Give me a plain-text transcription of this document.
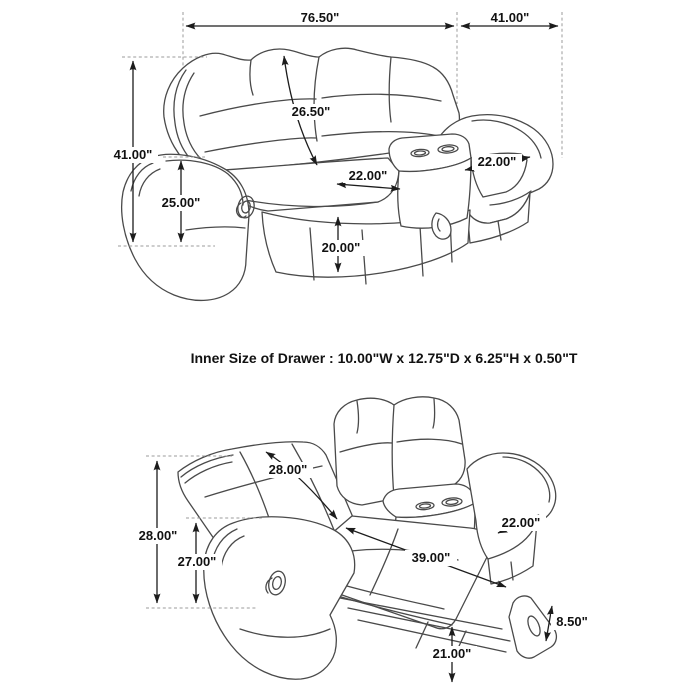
76.50"	41.00"
41.00"
25.00"
26.50"
22.00"
22.00"
20.00"
Inner Size of Drawer : 10.00"W x 12.75"D x 6.25"H x 0.50"T
28.00"
28.00"
27.00"	39.00"
22.00"
8.50"
21.00"
